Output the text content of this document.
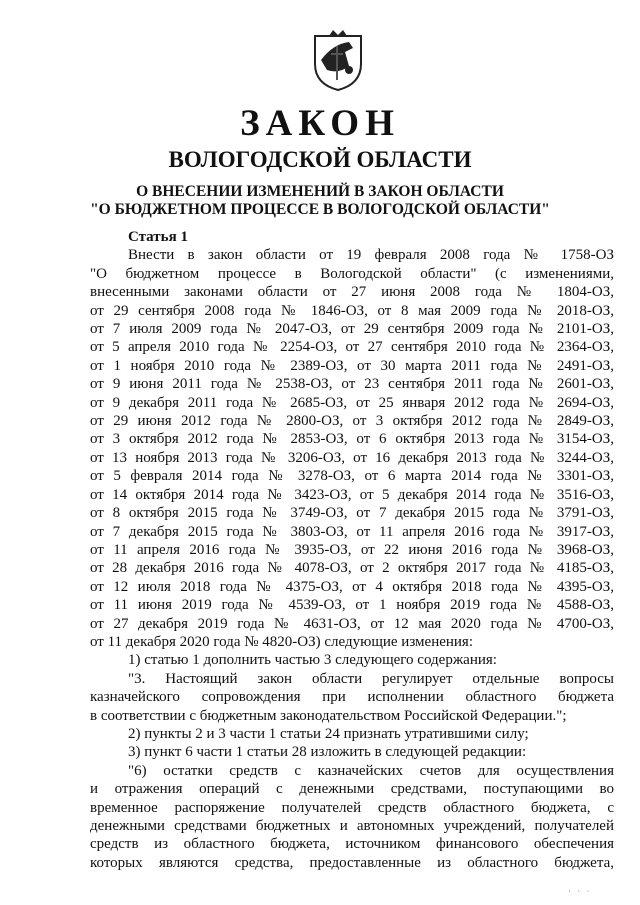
ЗАКОН
ВОЛОГОДСКОЙ ОБЛАСТИ
О ВНЕСЕНИИ ИЗМЕНЕНИЙ В ЗАКОН ОБЛАСТИ
"О БЮДЖЕТНОМ ПРОЦЕССЕ В ВОЛОГОДСКОЙ ОБЛАСТИ"
Статья 1

Внести в закон области от 19 февраля 2008 года № 1758-ОЗ

"О бюджетном процессе в Вологодской области" (с изменениями,

внесенными законами области от 27 июня 2008 года № 1804-ОЗ,

от 29 сентября 2008 года № 1846-ОЗ, от 8 мая 2009 года № 2018-ОЗ,

от 7 июля 2009 года № 2047-ОЗ, от 29 сентября 2009 года № 2101-ОЗ,

от 5 апреля 2010 года № 2254-ОЗ, от 27 сентября 2010 года № 2364-ОЗ,

от 1 ноября 2010 года № 2389-ОЗ, от 30 марта 2011 года № 2491-ОЗ,

от 9 июня 2011 года № 2538-ОЗ, от 23 сентября 2011 года № 2601-ОЗ,

от 9 декабря 2011 года № 2685-ОЗ, от 25 января 2012 года № 2694-ОЗ,

от 29 июня 2012 года № 2800-ОЗ, от 3 октября 2012 года № 2849-ОЗ,

от 3 октября 2012 года № 2853-ОЗ, от 6 октября 2013 года № 3154-ОЗ,

от 13 ноября 2013 года № 3206-ОЗ, от 16 декабря 2013 года № 3244-ОЗ,

от 5 февраля 2014 года № 3278-ОЗ, от 6 марта 2014 года № 3301-ОЗ,

от 14 октября 2014 года № 3423-ОЗ, от 5 декабря 2014 года № 3516-ОЗ,

от 8 октября 2015 года № 3749-ОЗ, от 7 декабря 2015 года № 3791-ОЗ,

от 7 декабря 2015 года № 3803-ОЗ, от 11 апреля 2016 года № 3917-ОЗ,

от 11 апреля 2016 года № 3935-ОЗ, от 22 июня 2016 года № 3968-ОЗ,

от 28 декабря 2016 года № 4078-ОЗ, от 2 октября 2017 года № 4185-ОЗ,

от 12 июля 2018 года № 4375-ОЗ, от 4 октября 2018 года № 4395-ОЗ,

от 11 июня 2019 года № 4539-ОЗ, от 1 ноября 2019 года № 4588-ОЗ,

от 27 декабря 2019 года № 4631-ОЗ, от 12 мая 2020 года № 4700-ОЗ,

от 11 декабря 2020 года № 4820-ОЗ) следующие изменения:

1) статью 1 дополнить частью 3 следующего содержания:

"3. Настоящий закон области регулирует отдельные вопросы

казначейского сопровождения при исполнении областного бюджета

в соответствии с бюджетным законодательством Российской Федерации.";

2) пункты 2 и 3 части 1 статьи 24 признать утратившими силу;

3) пункт 6 части 1 статьи 28 изложить в следующей редакции:

"6) остатки средств с казначейских счетов для осуществления

и отражения операций с денежными средствами, поступающими во

временное распоряжение получателей средств областного бюджета, с

денежными средствами бюджетных и автономных учреждений, получателей

средств из областного бюджета, источником финансового обеспечения

которых являются средства, предоставленные из областного бюджета,

· · ·
